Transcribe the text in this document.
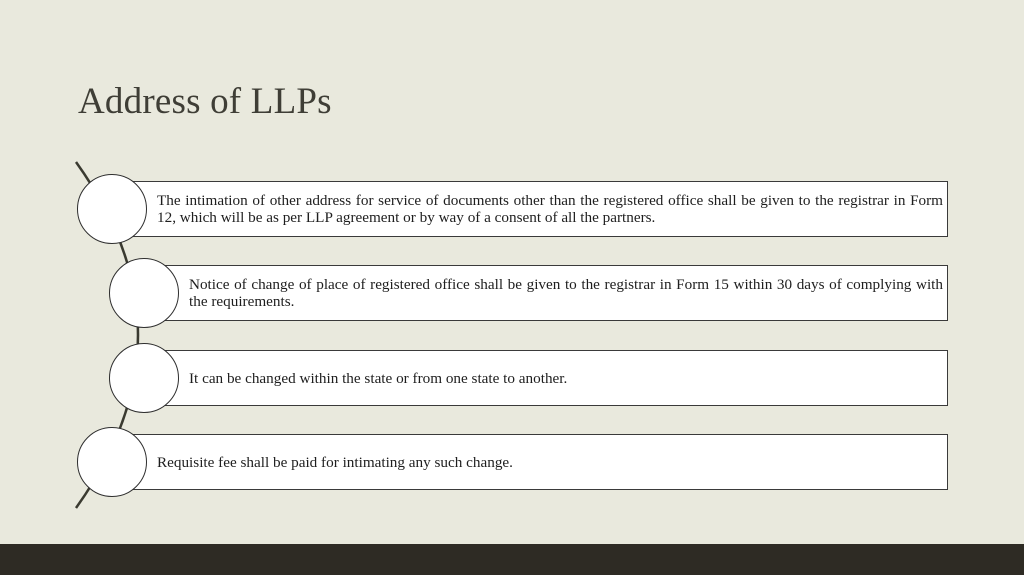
Address of LLPs
The intimation of other address for service of documents other than the registered office shall be given to the registrar in Form 12, which will be as per LLP agreement or by way of a consent of all the partners.
Notice of change of place of registered office shall be given to the registrar in Form 15 within 30 days of complying with the requirements.
It can be changed within the state or from one state to another.
Requisite fee shall be paid for intimating any such change.
